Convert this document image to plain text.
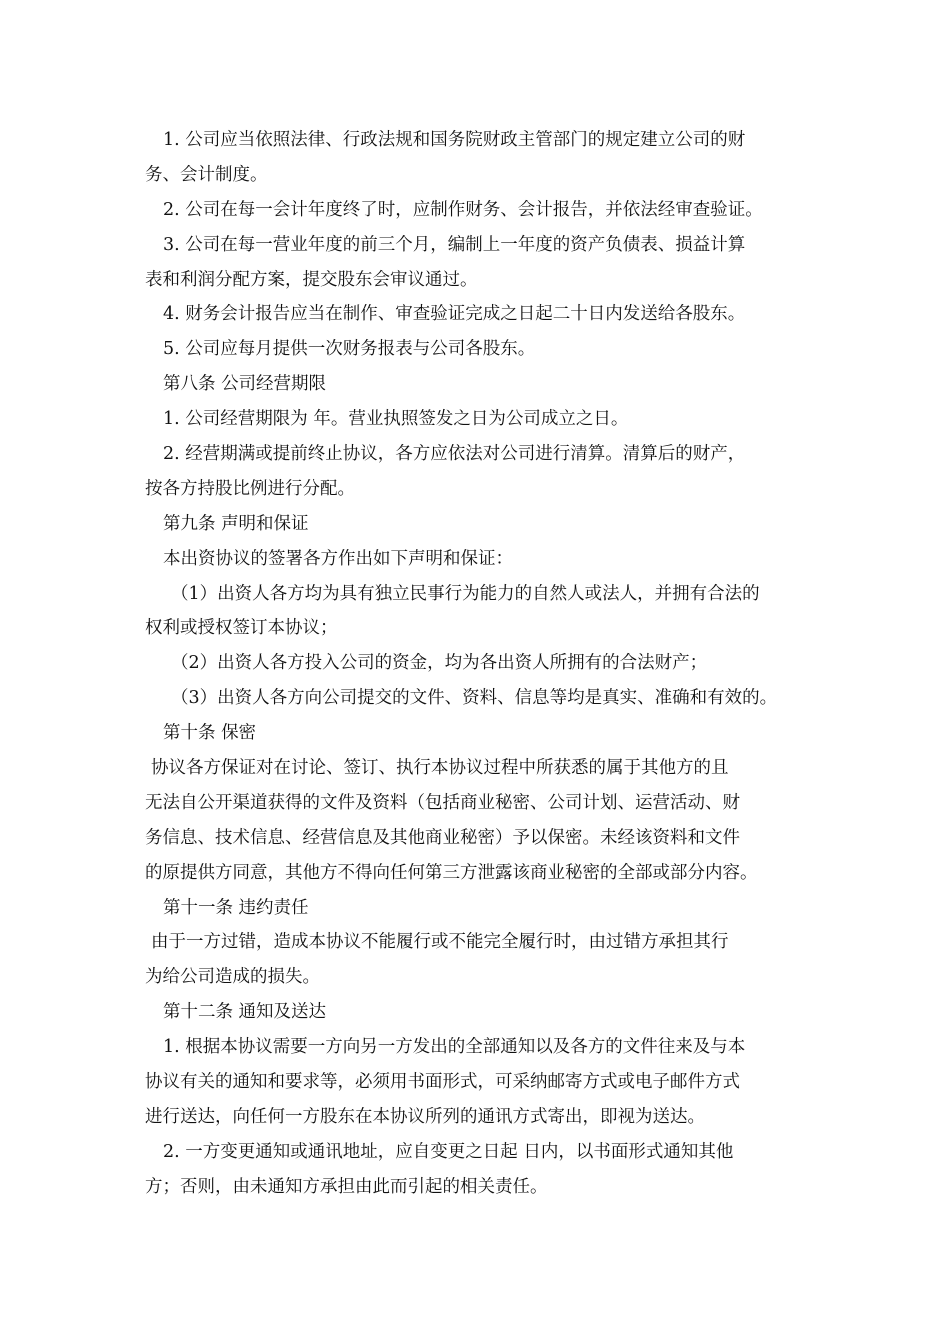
1. 公司应当依照法律、行政法规和国务院财政主管部门的规定建立公司的财
务、会计制度。
2. 公司在每一会计年度终了时，应制作财务、会计报告，并依法经审查验证。
3. 公司在每一营业年度的前三个月，编制上一年度的资产负债表、损益计算
表和利润分配方案，提交股东会审议通过。
4. 财务会计报告应当在制作、审查验证完成之日起二十日内发送给各股东。
5. 公司应每月提供一次财务报表与公司各股东。
第八条 公司经营期限
1. 公司经营期限为 年。营业执照签发之日为公司成立之日。
2. 经营期满或提前终止协议，各方应依法对公司进行清算。清算后的财产，
按各方持股比例进行分配。
第九条 声明和保证
本出资协议的签署各方作出如下声明和保证：
（1）出资人各方均为具有独立民事行为能力的自然人或法人，并拥有合法的
权利或授权签订本协议；
（2）出资人各方投入公司的资金，均为各出资人所拥有的合法财产；
（3）出资人各方向公司提交的文件、资料、信息等均是真实、准确和有效的。
第十条 保密
协议各方保证对在讨论、签订、执行本协议过程中所获悉的属于其他方的且
无法自公开渠道获得的文件及资料（包括商业秘密、公司计划、运营活动、财
务信息、技术信息、经营信息及其他商业秘密）予以保密。未经该资料和文件
的原提供方同意，其他方不得向任何第三方泄露该商业秘密的全部或部分内容。
第十一条 违约责任
由于一方过错，造成本协议不能履行或不能完全履行时，由过错方承担其行
为给公司造成的损失。
第十二条 通知及送达
1. 根据本协议需要一方向另一方发出的全部通知以及各方的文件往来及与本
协议有关的通知和要求等，必须用书面形式，可采纳邮寄方式或电子邮件方式
进行送达，向任何一方股东在本协议所列的通讯方式寄出，即视为送达。
2. 一方变更通知或通讯地址，应自变更之日起 日内，以书面形式通知其他
方；否则，由未通知方承担由此而引起的相关责任。
